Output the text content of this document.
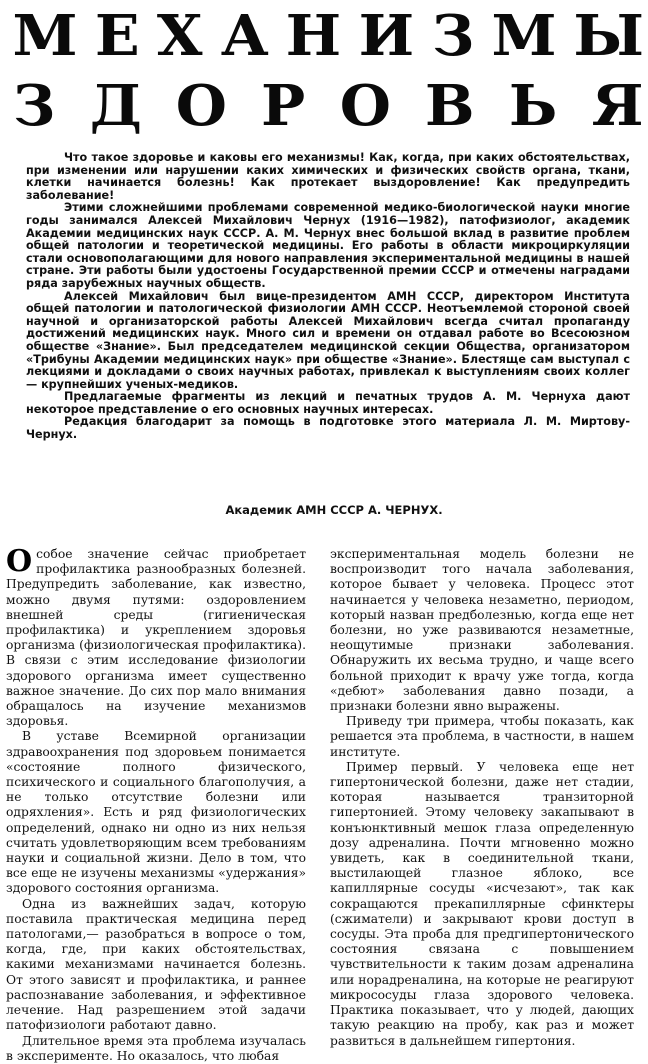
М Е Х А Н И З М Ы
З Д О Р О В Ь Я

Что такое здоровье и каковы его механизмы! Как, когда, при каких обстоятельствах, при изменении или нарушении каких химических и физических свойств органа, ткани, клетки начинается болезнь! Как протекает выздоровление! Как предупредить заболевание!

Этими сложнейшими проблемами современной медико-биологической науки многие годы занимался Алексей Михайлович Чернух (1916—1982), патофизиолог, академик Академии медицинских наук СССР. А. М. Чернух внес большой вклад в развитие проблем общей патологии и теоретической медицины. Его работы в области микроциркуляции стали основополагающими для нового направления экспериментальной медицины в нашей стране. Эти работы были удостоены Государственной премии СССР и отмечены наградами ряда зарубежных научных обществ.

Алексей Михайлович был вице-президентом АМН СССР, директором Института общей патологии и патологической физиологии АМН СССР. Неотъемлемой стороной своей научной и организаторской работы Алексей Михайлович всегда считал пропаганду достижений медицинских наук. Много сил и времени он отдавал работе во Всесоюзном обществе «Знание». Был председателем медицинской секции Общества, организатором «Трибуны Академии медицинских наук» при обществе «Знание». Блестяще сам выступал с лекциями и докладами о своих научных работах, привлекал к выступлениям своих коллег — крупнейших ученых-медиков.

Предлагаемые фрагменты из лекций и печатных трудов А. М. Чернуха дают некоторое представление о его основных научных интересах.

Редакция благодарит за помощь в подготовке этого материала Л. М. Миртову-Чернух.

Академик АМН СССР А. ЧЕРНУХ.

Особое значение сейчас приобретает профилактика разнообразных болезней. Предупредить заболевание, как известно, можно двумя путями: оздоровлением внешней среды (гигиеническая профилактика) и укреплением здоровья организма (физиологическая профилактика). В связи с этим исследование физиологии здорового организма имеет существенно важное значение. До сих пор мало внимания обращалось на изучение механизмов здоровья.

В уставе Всемирной организации здравоохранения под здоровьем понимается «состояние полного физического, психического и социального благополучия, а не только отсутствие болезни или одряхления». Есть и ряд физиологических определений, однако ни одно из них нельзя считать удовлетворяющим всем требованиям науки и социальной жизни. Дело в том, что все еще не изучены механизмы «удержания» здорового состояния организма.

Одна из важнейших задач, которую поставила практическая медицина перед патологами,— разобраться в вопросе о том, когда, где, при каких обстоятельствах, какими механизмами начинается болезнь. От этого зависят и профилактика, и раннее распознавание заболевания, и эффективное лечение. Над разрешением этой задачи патофизиологи работают давно.

Длительное время эта проблема изучалась в эксперименте. Но оказалось, что любая

экспериментальная модель болезни не воспроизводит того начала заболевания, которое бывает у человека. Процесс этот начинается у человека незаметно, периодом, который назван предболезнью, когда еще нет болезни, но уже развиваются незаметные, неощутимые признаки заболевания. Обнаружить их весьма трудно, и чаще всего больной приходит к врачу уже тогда, когда «дебют» заболевания давно позади, а признаки болезни явно выражены.

Приведу три примера, чтобы показать, как решается эта проблема, в частности, в нашем институте.

Пример первый. У человека еще нет гипертонической болезни, даже нет стадии, которая называется транзиторной гипертонией. Этому человеку закапывают в конъюнктивный мешок глаза определенную дозу адреналина. Почти мгновенно можно увидеть, как в соединительной ткани, выстилающей глазное яблоко, все капиллярные сосуды «исчезают», так как сокращаются прекапиллярные сфинктеры (сжиматели) и закрывают крови доступ в сосуды. Эта проба для предгипертонического состояния связана с повышением чувствительности к таким дозам адреналина или норадреналина, на которые не реагируют микрососуды глаза здорового человека. Практика показывает, что у людей, дающих такую реакцию на пробу, как раз и может развиться в дальнейшем гипертония.
